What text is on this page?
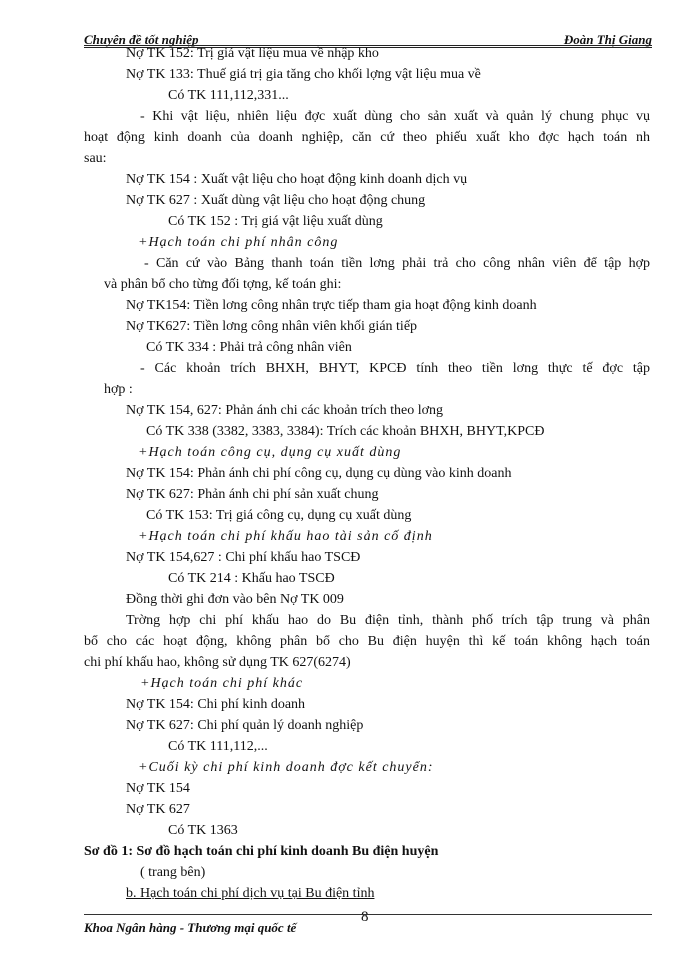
Chuyên đề tốt nghiệp	Đoàn Thị Giang
Nợ TK 152: Trị giá vật liệu mua về nhập kho
Nợ TK 133: Thuế giá trị gia tăng cho khối lợng vật liệu mua về
Có TK 111,112,331...
- Khi vật liệu, nhiên liệu đợc xuất dùng cho sản xuất và quản lý chung phục vụ
hoạt động kinh doanh của doanh nghiệp, căn cứ theo phiếu xuất kho đợc hạch toán nh
sau:
Nợ TK 154 : Xuất vật liệu cho hoạt động kinh doanh dịch vụ
Nợ TK 627 : Xuất dùng vật liệu cho hoạt động chung
Có TK 152 : Trị giá vật liệu xuất dùng
+Hạch toán chi phí nhân công
- Căn cứ vào Bảng thanh toán tiền lơng phải trả cho công nhân viên để tập hợp
và phân bổ cho từng đối tợng, kế toán ghi:
Nợ TK154: Tiền lơng công nhân trực tiếp tham gia hoạt động kinh doanh
Nợ TK627: Tiền lơng công nhân viên khối gián tiếp
Có TK 334 : Phải trả công nhân viên
- Các khoản trích BHXH, BHYT, KPCĐ tính theo tiền lơng thực tế đợc tập
hợp :
Nợ TK 154, 627: Phản ánh chi các khoản trích theo lơng
Có TK 338 (3382, 3383, 3384): Trích các khoản BHXH, BHYT,KPCĐ
+Hạch toán công cụ, dụng cụ xuất dùng
Nợ TK 154: Phản ánh chi phí công cụ, dụng cụ dùng vào kinh doanh
Nợ TK 627: Phản ánh chi phí sản xuất chung
Có TK 153: Trị giá công cụ, dụng cụ xuất dùng
+Hạch toán chi phí khấu hao tài sản cố định
Nợ TK 154,627 : Chi phí khấu hao TSCĐ
Có TK 214 : Khấu hao TSCĐ
Đồng thời ghi đơn vào bên Nợ TK 009
Trờng hợp chi phí khấu hao do Bu điện tỉnh, thành phố trích tập trung và phân
bổ cho các hoạt động, không phân bổ cho Bu điện huyện thì kế toán không hạch toán
chi phí khấu hao, không sử dụng TK 627(6274)
+Hạch toán chi phí khác
Nợ TK 154: Chi phí kinh doanh
Nợ TK 627: Chi phí quản lý doanh nghiệp
Có TK 111,112,...
+Cuối kỳ chi phí kinh doanh đợc kết chuyển:
Nợ TK 154
Nợ TK 627
Có TK 1363
Sơ đồ 1: Sơ đồ hạch toán chi phí kinh doanh Bu điện huyện
( trang bên)
b. Hạch toán chi phí dịch vụ tại Bu điện tỉnh
8
Khoa Ngân hàng - Thương mại quốc tế
